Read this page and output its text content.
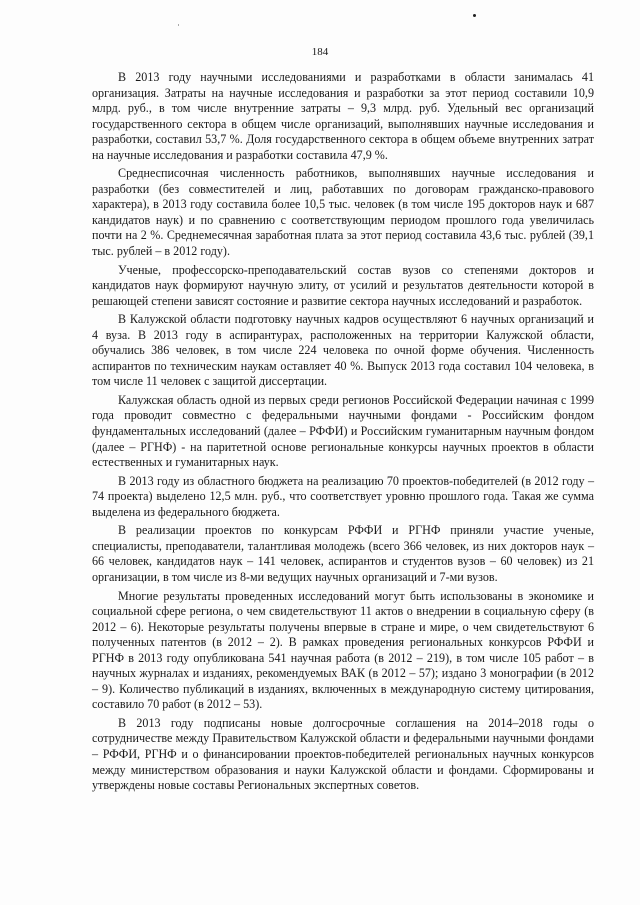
184

В 2013 году научными исследованиями и разработками в области занималась 41 организация. Затраты на научные исследования и разработки за этот период составили 10,9 млрд. руб., в том числе внутренние затраты – 9,3 млрд. руб. Удельный вес организаций государственного сектора в общем числе организаций, выполнявших научные исследования и разработки, составил 53,7 %. Доля государственного сектора в общем объеме внутренних затрат на научные исследования и разработки составила 47,9 %.

Среднесписочная численность работников, выполнявших научные исследования и разработки (без совместителей и лиц, работавших по договорам гражданско-правового характера), в 2013 году составила более 10,5 тыс. человек (в том числе 195 докторов наук и 687 кандидатов наук) и по сравнению с соответствующим периодом прошлого года увеличилась почти на 2 %. Среднемесячная заработная плата за этот период составила 43,6 тыс. рублей (39,1 тыс. рублей – в 2012 году).

Ученые, профессорско-преподавательский состав вузов со степенями докторов и кандидатов наук формируют научную элиту, от усилий и результатов деятельности которой в решающей степени зависят состояние и развитие сектора научных исследований и разработок.

В Калужской области подготовку научных кадров осуществляют 6 научных организаций и 4 вуза. В 2013 году в аспирантурах, расположенных на территории Калужской области, обучались 386 человек, в том числе 224 человека по очной форме обучения. Численность аспирантов по техническим наукам оставляет 40 %. Выпуск 2013 года составил 104 человека, в том числе 11 человек с защитой диссертации.

Калужская область одной из первых среди регионов Российской Федерации начиная с 1999 года проводит совместно с федеральными научными фондами - Российским фондом фундаментальных исследований (далее – РФФИ) и Российским гуманитарным научным фондом (далее – РГНФ) - на паритетной основе региональные конкурсы научных проектов в области естественных и гуманитарных наук.

В 2013 году из областного бюджета на реализацию 70 проектов-победителей (в 2012 году – 74 проекта) выделено 12,5 млн. руб., что соответствует уровню прошлого года. Такая же сумма выделена из федерального бюджета.

В реализации проектов по конкурсам РФФИ и РГНФ приняли участие ученые, специалисты, преподаватели, талантливая молодежь (всего 366 человек, из них докторов наук – 66 человек, кандидатов наук – 141 человек, аспирантов и студентов вузов – 60 человек) из 21 организации, в том числе из 8-ми ведущих научных организаций и 7-ми вузов.

Многие результаты проведенных исследований могут быть использованы в экономике и социальной сфере региона, о чем свидетельствуют 11 актов о внедрении в социальную сферу (в 2012 – 6). Некоторые результаты получены впервые в стране и мире, о чем свидетельствуют 6 полученных патентов (в 2012 – 2). В рамках проведения региональных конкурсов РФФИ и РГНФ в 2013 году опубликована 541 научная работа (в 2012 – 219), в том числе 105 работ – в научных журналах и изданиях, рекомендуемых ВАК (в 2012 – 57); издано 3 монографии (в 2012 – 9). Количество публикаций в изданиях, включенных в международную систему цитирования, составило 70 работ (в 2012 – 53).

В 2013 году подписаны новые долгосрочные соглашения на 2014–2018 годы о сотрудничестве между Правительством Калужской области и федеральными научными фондами – РФФИ, РГНФ и о финансировании проектов-победителей региональных научных конкурсов между министерством образования и науки Калужской области и фондами. Сформированы и утверждены новые составы Региональных экспертных советов.
